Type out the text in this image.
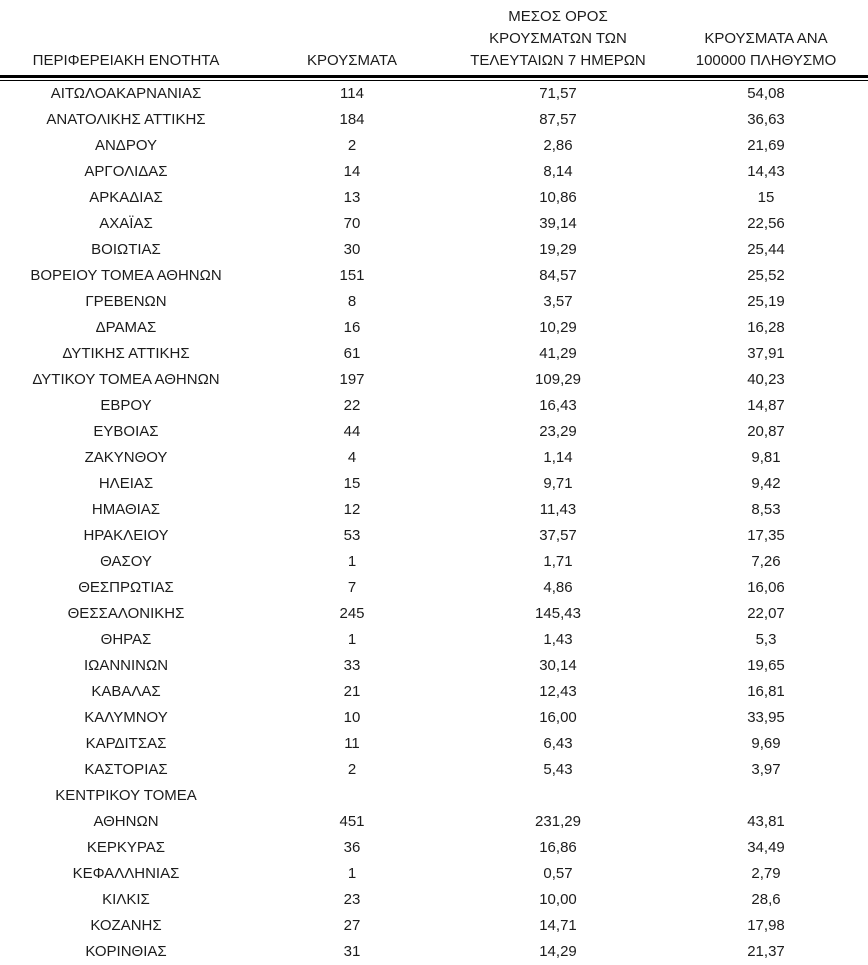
ΠΕΡΙΦΕΡΕΙΑΚΗ ΕΝΟΤΗΤΑ	ΚΡΟΥΣΜΑΤΑ	ΜΕΣΟΣ ΟΡΟΣ
ΚΡΟΥΣΜΑΤΩΝ ΤΩΝ
ΤΕΛΕΥΤΑΙΩΝ 7 ΗΜΕΡΩΝ	ΚΡΟΥΣΜΑΤΑ ΑΝΑ
100000 ΠΛΗΘΥΣΜΟ

ΑΙΤΩΛΟΑΚΑΡΝΑΝΙΑΣ	114	71,57	54,08
ΑΝΑΤΟΛΙΚΗΣ ΑΤΤΙΚΗΣ	184	87,57	36,63
ΑΝΔΡΟΥ	2	2,86	21,69
ΑΡΓΟΛΙΔΑΣ	14	8,14	14,43
ΑΡΚΑΔΙΑΣ	13	10,86	15
ΑΧΑΪΑΣ	70	39,14	22,56
ΒΟΙΩΤΙΑΣ	30	19,29	25,44
ΒΟΡΕΙΟΥ ΤΟΜΕΑ ΑΘΗΝΩΝ	151	84,57	25,52
ΓΡΕΒΕΝΩΝ	8	3,57	25,19
ΔΡΑΜΑΣ	16	10,29	16,28
ΔΥΤΙΚΗΣ ΑΤΤΙΚΗΣ	61	41,29	37,91
ΔΥΤΙΚΟΥ ΤΟΜΕΑ ΑΘΗΝΩΝ	197	109,29	40,23
ΕΒΡΟΥ	22	16,43	14,87
ΕΥΒΟΙΑΣ	44	23,29	20,87
ΖΑΚΥΝΘΟΥ	4	1,14	9,81
ΗΛΕΙΑΣ	15	9,71	9,42
ΗΜΑΘΙΑΣ	12	11,43	8,53
ΗΡΑΚΛΕΙΟΥ	53	37,57	17,35
ΘΑΣΟΥ	1	1,71	7,26
ΘΕΣΠΡΩΤΙΑΣ	7	4,86	16,06
ΘΕΣΣΑΛΟΝΙΚΗΣ	245	145,43	22,07
ΘΗΡΑΣ	1	1,43	5,3
ΙΩΑΝΝΙΝΩΝ	33	30,14	19,65
ΚΑΒΑΛΑΣ	21	12,43	16,81
ΚΑΛΥΜΝΟΥ	10	16,00	33,95
ΚΑΡΔΙΤΣΑΣ	11	6,43	9,69
ΚΑΣΤΟΡΙΑΣ	2	5,43	3,97
ΚΕΝΤΡΙΚΟΥ ΤΟΜΕΑ
ΑΘΗΝΩΝ	451	231,29	43,81
ΚΕΡΚΥΡΑΣ	36	16,86	34,49
ΚΕΦΑΛΛΗΝΙΑΣ	1	0,57	2,79
ΚΙΛΚΙΣ	23	10,00	28,6
ΚΟΖΑΝΗΣ	27	14,71	17,98
ΚΟΡΙΝΘΙΑΣ	31	14,29	21,37
